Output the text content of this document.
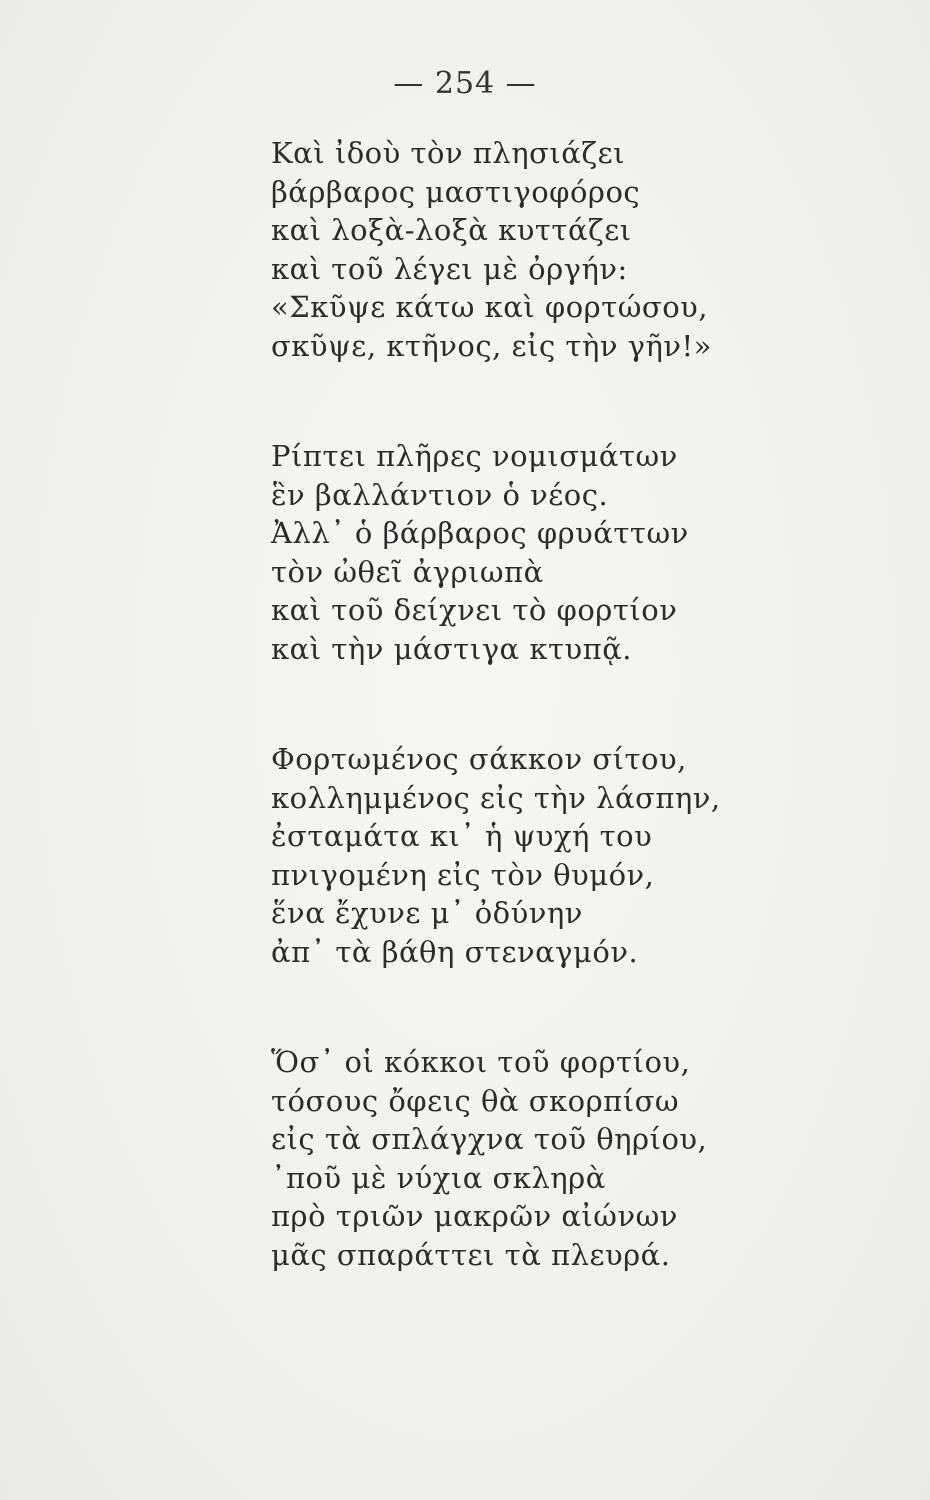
— 254 —
Καὶ ἰδοὺ τὸν πλησιάζει
βάρβαρος μαστιγοφόρος
καὶ λοξὰ-λοξὰ κυττάζει
καὶ τοῦ λέγει μὲ ὀργήν:
«Σκῦψε κάτω καὶ φορτώσου,
σκῦψε, κτῆνος, εἰς τὴν γῆν!»
Ρίπτει πλῆρες νομισμάτων
ἓν βαλλάντιον ὁ νέος.
Ἀλλ᾿ ὁ βάρβαρος φρυάττων
τὸν ὠθεῖ ἀγριωπὰ
καὶ τοῦ δείχνει τὸ φορτίον
καὶ τὴν μάστιγα κτυπᾷ.
Φορτωμένος σάκκον σίτου,
κολλημμένος εἰς τὴν λάσπην,
ἐσταμάτα κι᾿ ἡ ψυχή του
πνιγομένη εἰς τὸν θυμόν,
ἕνα ἔχυνε μ᾿ ὀδύνην
ἀπ᾿ τὰ βάθη στεναγμόν.
Ὅσ᾿ οἱ κόκκοι τοῦ φορτίου,
τόσους ὄφεις θὰ σκορπίσω
εἰς τὰ σπλάγχνα τοῦ θηρίου,
᾿ποῦ μὲ νύχια σκληρὰ
πρὸ τριῶν μακρῶν αἰώνων
μᾶς σπαράττει τὰ πλευρά.
